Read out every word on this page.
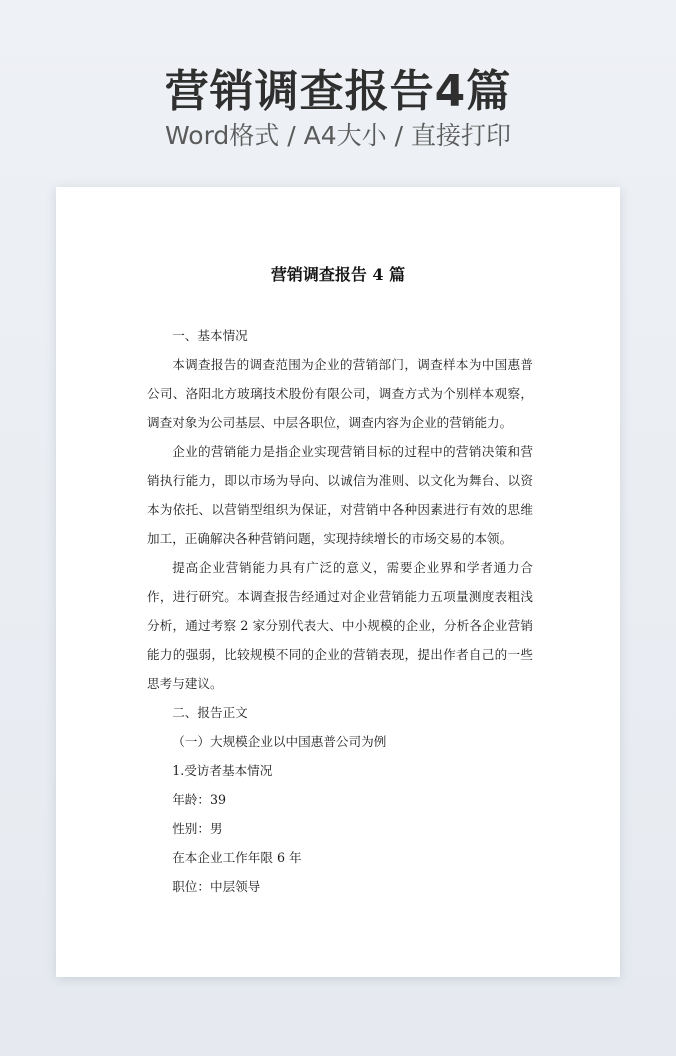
营销调查报告4篇
Word格式 / A4大小 / 直接打印
营销调查报告 4 篇

一、基本情况

本调查报告的调查范围为企业的营销部门，调查样本为中国惠普公司、洛阳北方玻璃技术股份有限公司，调查方式为个别样本观察，调查对象为公司基层、中层各职位，调查内容为企业的营销能力。

企业的营销能力是指企业实现营销目标的过程中的营销决策和营销执行能力，即以市场为导向、以诚信为准则、以文化为舞台、以资本为依托、以营销型组织为保证，对营销中各种因素进行有效的思维加工，正确解决各种营销问题，实现持续增长的市场交易的本领。

提高企业营销能力具有广泛的意义，需要企业界和学者通力合作，进行研究。本调查报告经通过对企业营销能力五项量测度表粗浅分析，通过考察 2 家分别代表大、中小规模的企业，分析各企业营销能力的强弱，比较规模不同的企业的营销表现，提出作者自己的一些思考与建议。

二、报告正文

（一）大规模企业以中国惠普公司为例

1.受访者基本情况

年龄：39

性别：男

在本企业工作年限 6 年

职位：中层领导
